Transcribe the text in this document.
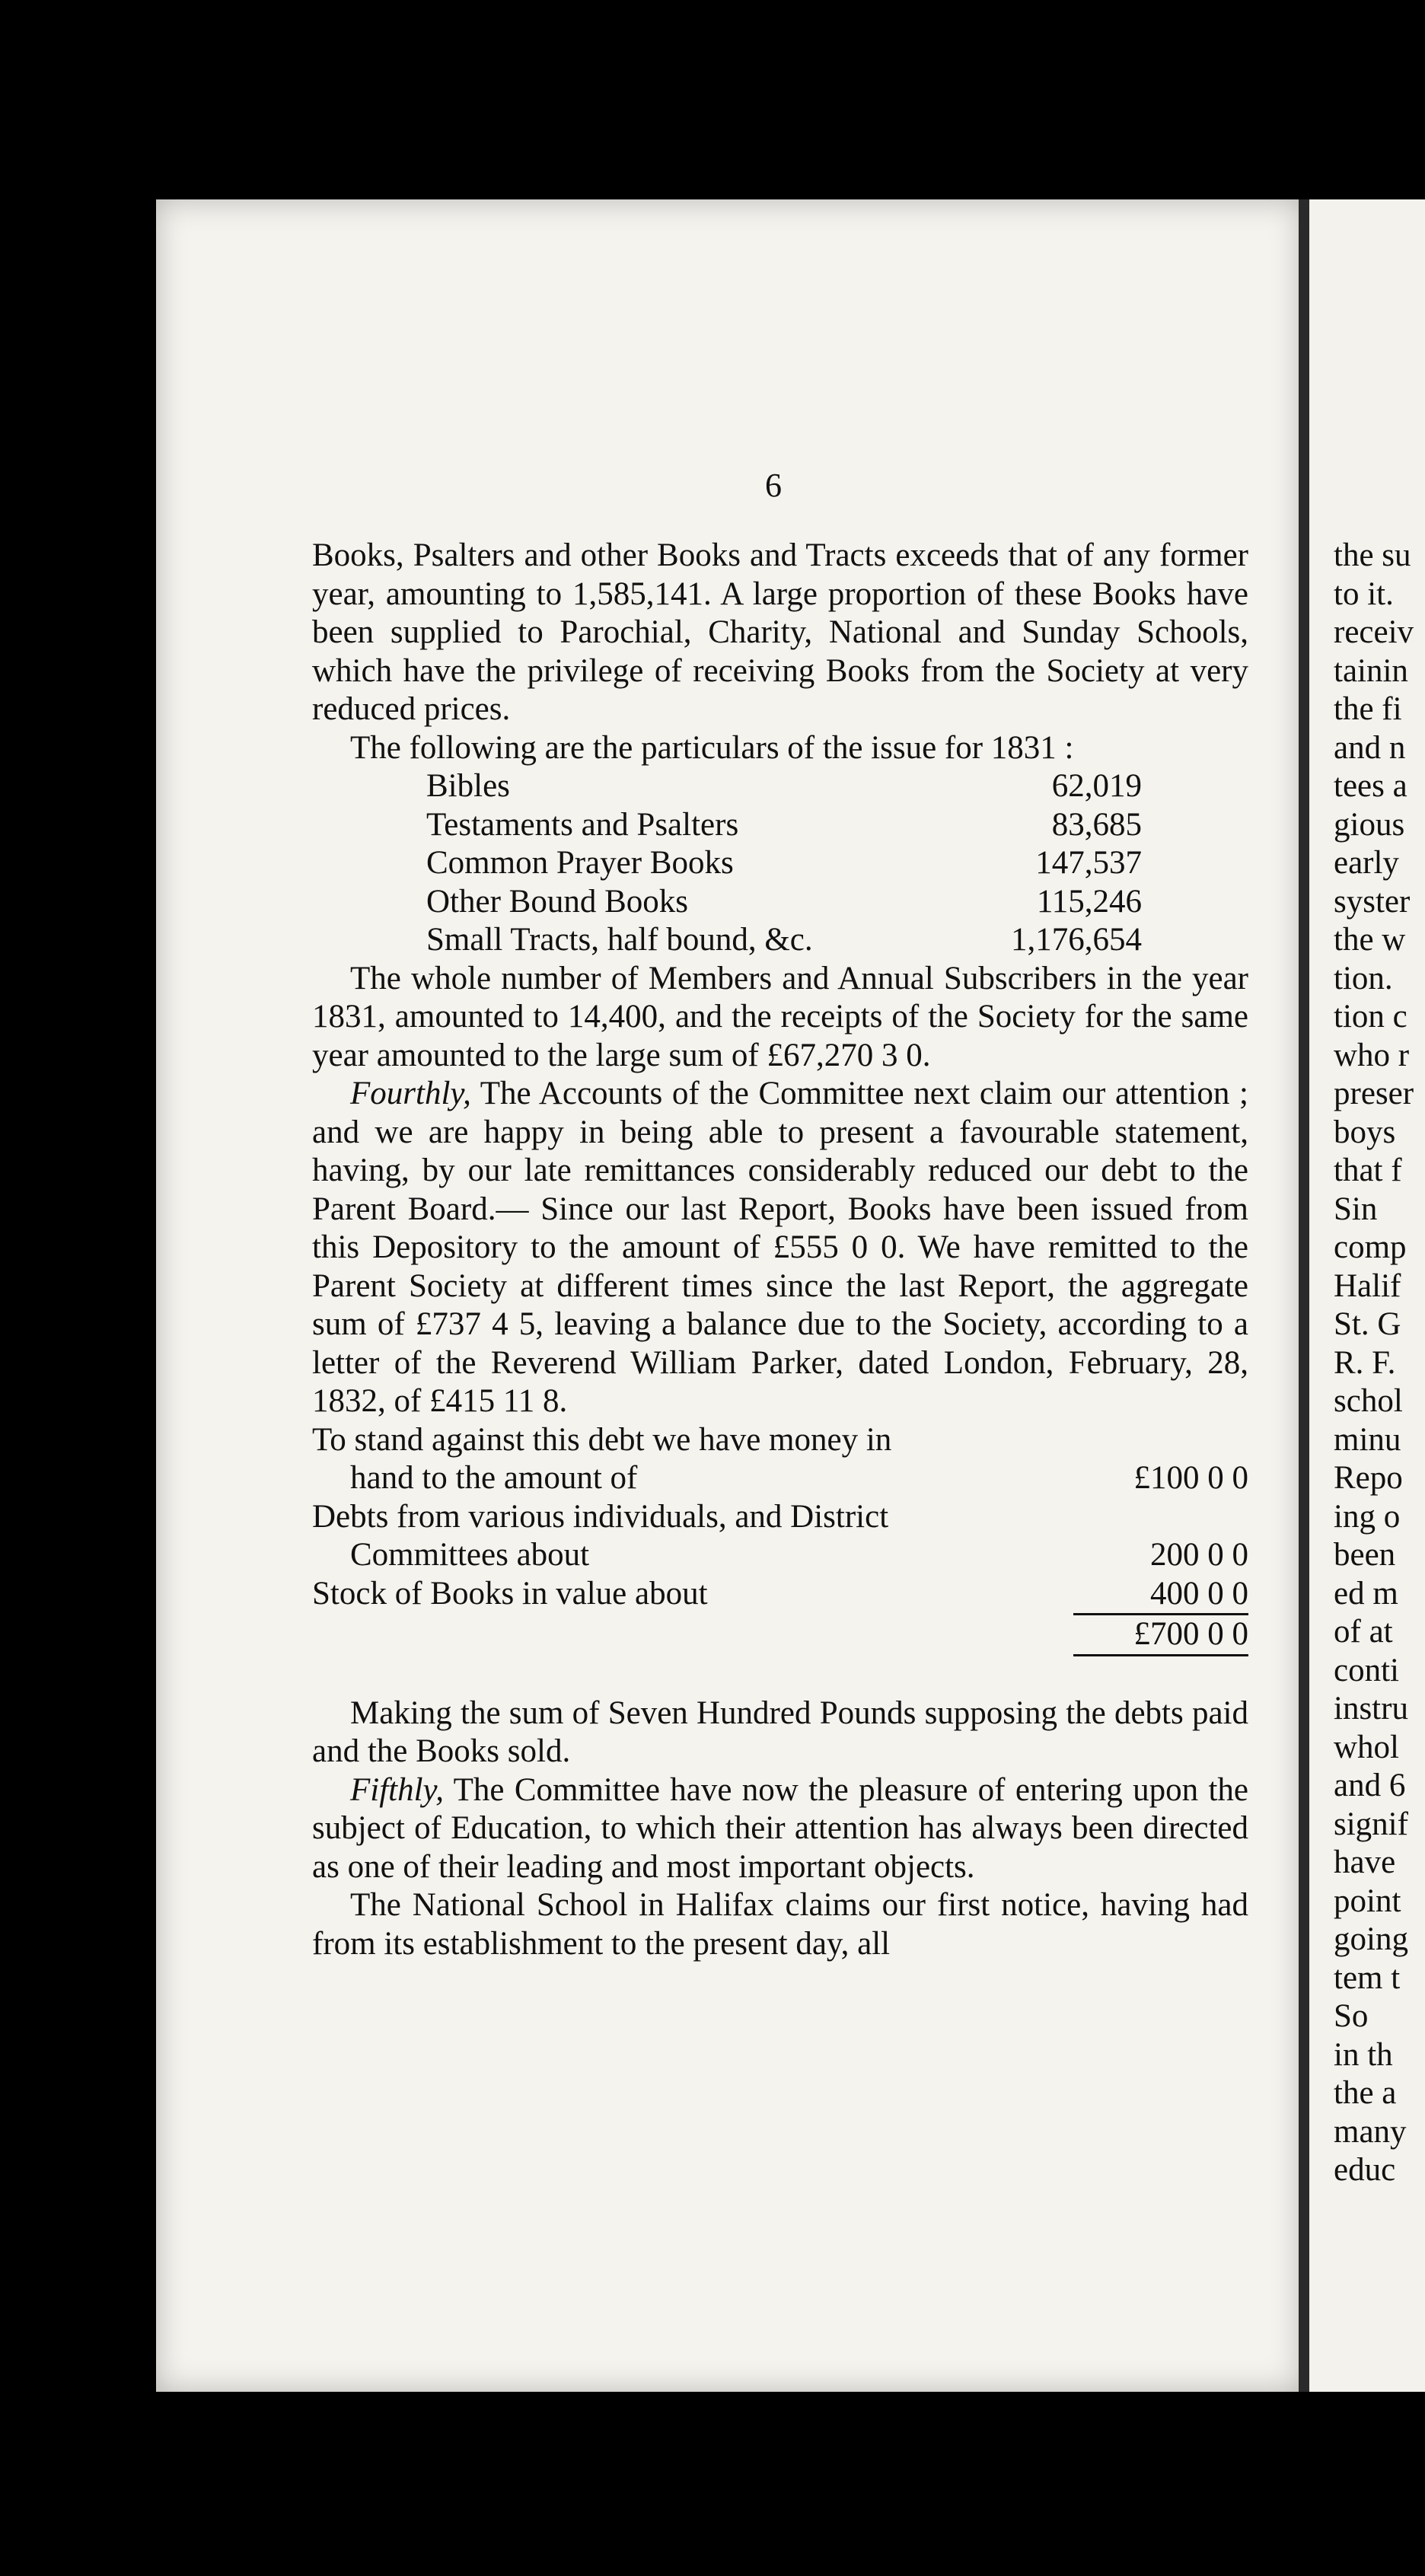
6

Books, Psalters and other Books and Tracts exceeds that of any former year, amounting to 1,585,141. A large proportion of these Books have been supplied to Parochial, Charity, National and Sunday Schools, which have the privilege of receiving Books from the Society at very reduced prices.

The following are the particulars of the issue for 1831 :

Bibles	62,019
Testaments and Psalters	83,685
Common Prayer Books	147,537
Other Bound Books	115,246
Small Tracts, half bound, &c.	1,176,654

The whole number of Members and Annual Subscribers in the year 1831, amounted to 14,400, and the receipts of the Society for the same year amounted to the large sum of £67,270 3 0.

Fourthly, The Accounts of the Committee next claim our attention ; and we are happy in being able to present a favourable statement, having, by our late remittances considerably reduced our debt to the Parent Board.— Since our last Report, Books have been issued from this Depository to the amount of £555 0 0. We have remitted to the Parent Society at different times since the last Report, the aggregate sum of £737 4 5, leaving a balance due to the Society, according to a letter of the Reverend William Parker, dated London, February, 28, 1832, of £415 11 8.

To stand against this debt we have money in	
hand to the amount of	£100 0 0
Debts from various individuals, and District	
Committees about	200 0 0
Stock of Books in value about	400 0 0
	£700 0 0

Making the sum of Seven Hundred Pounds supposing the debts paid and the Books sold.

Fifthly, The Committee have now the pleasure of entering upon the subject of Education, to which their attention has always been directed as one of their leading and most important objects.

The National School in Halifax claims our first notice, having had from its establishment to the present day, all

the su
to it.
receiv
tainin
the fi
and n
tees a
gious
early
syster
the w
tion.
tion c
who r
preser
boys
that f
Sin
comp
Halif
St. G
R. F.
schol
minu
Repo
ing o
been
ed m
of at
conti
instru
whol
and 6
signif
have
point
going
tem t
So
in th
the a
many
educ
